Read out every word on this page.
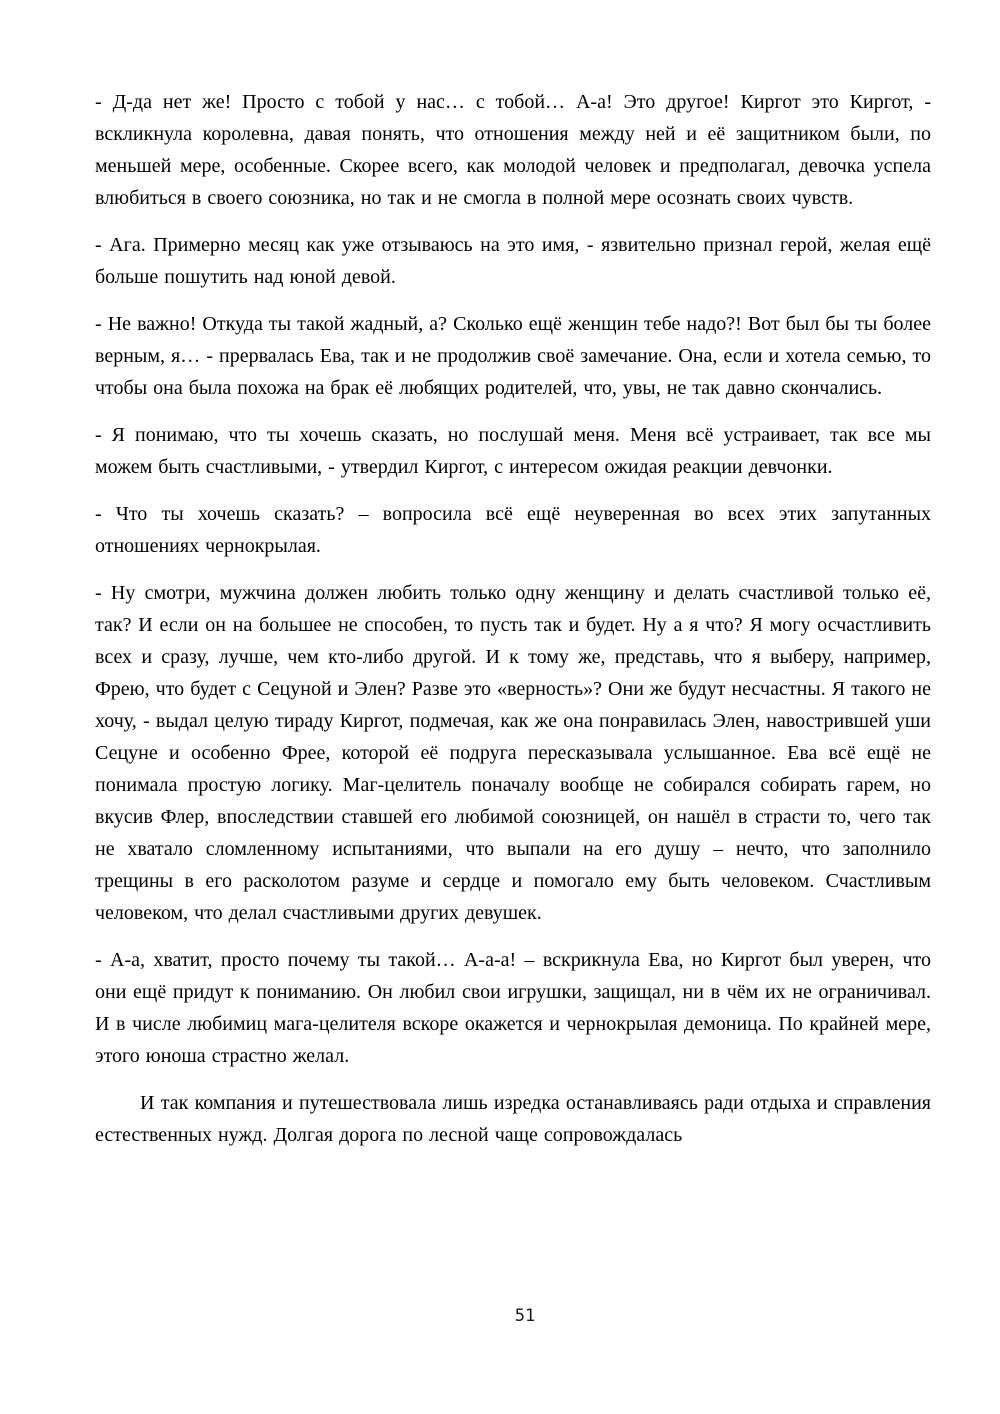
- Д-да нет же! Просто с тобой у нас… с тобой… А-а! Это другое! Киргот это Киргот, - вскликнула королевна, давая понять, что отношения между ней и её защитником были, по меньшей мере, особенные. Скорее всего, как молодой человек и предполагал, девочка успела влюбиться в своего союзника, но так и не смогла в полной мере осознать своих чувств.

- Ага. Примерно месяц как уже отзываюсь на это имя, - язвительно признал герой, желая ещё больше пошутить над юной девой.

- Не важно! Откуда ты такой жадный, а? Сколько ещё женщин тебе надо?! Вот был бы ты более верным, я… - прервалась Ева, так и не продолжив своё замечание. Она, если и хотела семью, то чтобы она была похожа на брак её любящих родителей, что, увы, не так давно скончались.

- Я понимаю, что ты хочешь сказать, но послушай меня. Меня всё устраивает, так все мы можем быть счастливыми, - утвердил Киргот, с интересом ожидая реакции девчонки.

- Что ты хочешь сказать? – вопросила всё ещё неуверенная во всех этих запутанных отношениях чернокрылая.

- Ну смотри, мужчина должен любить только одну женщину и делать счастливой только её, так? И если он на большее не способен, то пусть так и будет. Ну а я что? Я могу осчастливить всех и сразу, лучше, чем кто-либо другой. И к тому же, представь, что я выберу, например, Фрею, что будет с Сецуной и Элен? Разве это «верность»? Они же будут несчастны. Я такого не хочу, - выдал целую тираду Киргот, подмечая, как же она понравилась Элен, навострившей уши Сецуне и особенно Фрее, которой её подруга пересказывала услышанное. Ева всё ещё не понимала простую логику. Маг-целитель поначалу вообще не собирался собирать гарем, но вкусив Флер, впоследствии ставшей его любимой союзницей, он нашёл в страсти то, чего так не хватало сломленному испытаниями, что выпали на его душу – нечто, что заполнило трещины в его расколотом разуме и сердце и помогало ему быть человеком. Счастливым человеком, что делал счастливыми других девушек.

- А-а, хватит, просто почему ты такой… А-а-а! – вскрикнула Ева, но Киргот был уверен, что они ещё придут к пониманию. Он любил свои игрушки, защищал, ни в чём их не ограничивал. И в числе любимиц мага-целителя вскоре окажется и чернокрылая демоница. По крайней мере, этого юноша страстно желал.

И так компания и путешествовала лишь изредка останавливаясь ради отдыха и справления естественных нужд. Долгая дорога по лесной чаще сопровождалась

51
